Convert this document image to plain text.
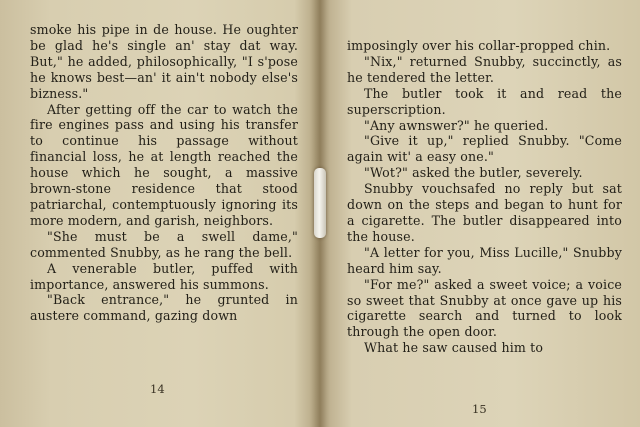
smoke his pipe in de house. He oughter be glad he's single an' stay dat way. But," he added, philosophically, "I s'pose he knows best—an' it ain't nobody else's bizness."
After getting off the car to watch the fire engines pass and using his transfer to continue his passage without financial loss, he at length reached the house which he sought, a massive brown-stone residence that stood patriarchal, contemptuously ignoring its more modern, and garish, neighbors.
"She must be a swell dame," commented Snubby, as he rang the bell.
A venerable butler, puffed with importance, answered his summons.
"Back entrance," he grunted in austere command, gazing down
14
imposingly over his collar-propped chin.
"Nix," returned Snubby, succinctly, as he tendered the letter.
The butler took it and read the superscription.
"Any awnswer?" he queried.
"Give it up," replied Snubby. "Come again wit' a easy one."
"Wot?" asked the butler, severely.
Snubby vouchsafed no reply but sat down on the steps and began to hunt for a cigarette. The butler disappeared into the house.
"A letter for you, Miss Lucille," Snubby heard him say.
"For me?" asked a sweet voice; a voice so sweet that Snubby at once gave up his cigarette search and turned to look through the open door.
What he saw caused him to
15
